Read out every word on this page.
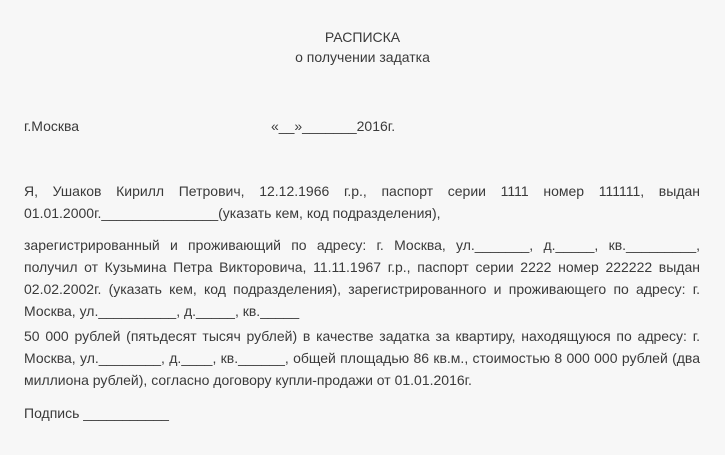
РАСПИСКА
о получении задатка
г.Москва	«__»_______2016г.
Я, Ушаков Кирилл Петрович, 12.12.1966 г.р., паспорт серии 1111 номер 111111, выдан 01.01.2000г._______________(указать кем, код подразделения),
зарегистрированный и проживающий по адресу: г. Москва, ул._______, д._____, кв._________, получил от Кузьмина Петра Викторовича, 11.11.1967 г.р., паспорт серии 2222 номер 222222 выдан 02.02.2002г. (указать кем, код подразделения), зарегистрированного и проживающего по адресу: г. Москва, ул.__________, д._____, кв._____
50 000 рублей (пятьдесят тысяч рублей) в качестве задатка за квартиру, находящуюся по адресу: г. Москва, ул.________, д.____, кв.______, общей площадью 86 кв.м., стоимостью 8 000 000 рублей (два миллиона рублей), согласно договору купли-продажи от 01.01.2016г.
Подпись ___________
